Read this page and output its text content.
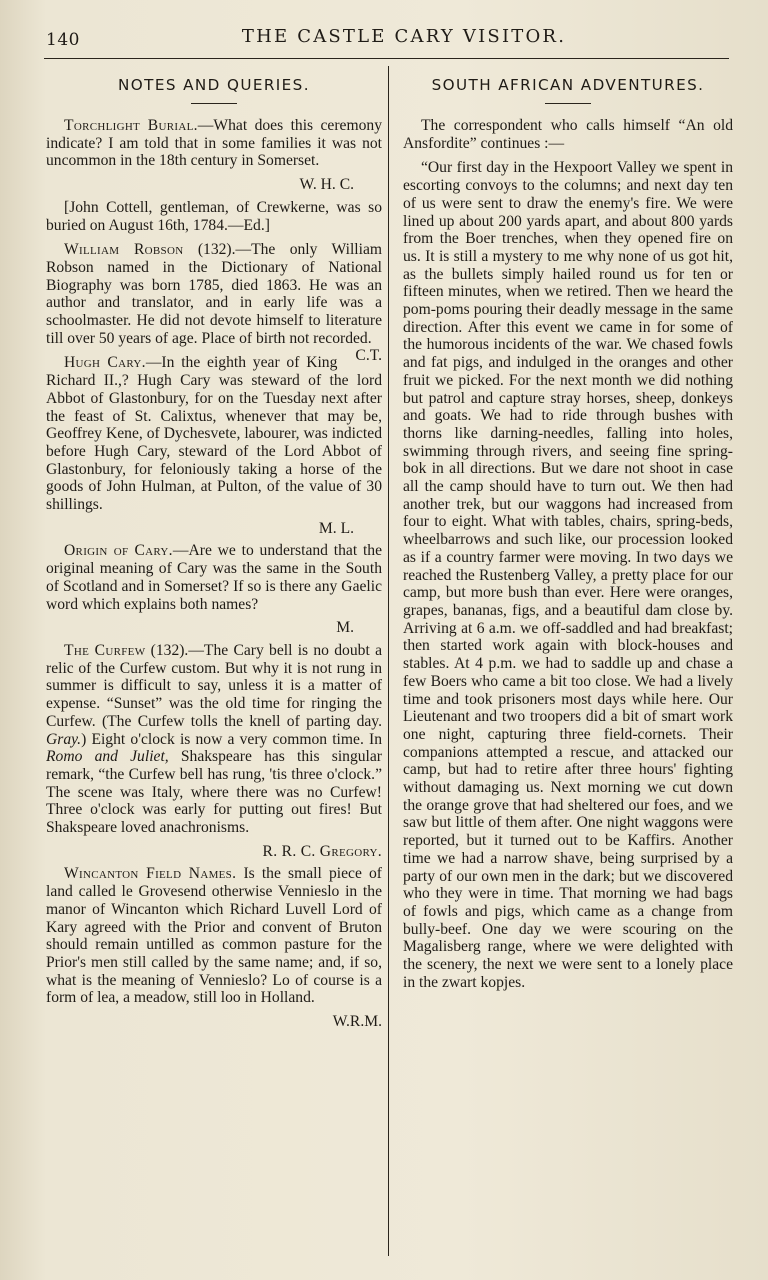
140	THE CASTLE CARY VISITOR.
NOTES AND QUERIES.
Torchlight Burial.—What does this ceremony indicate? I am told that in some families it was not uncommon in the 18th century in Somerset.
W. H. C.
[John Cottell, gentleman, of Crewkerne, was so buried on August 16th, 1784.—Ed.]
William Robson (132).—The only William Robson named in the Dictionary of National Biography was born 1785, died 1863. He was an author and translator, and in early life was a schoolmaster. He did not devote himself to literature till over 50 years of age. Place of birth not recorded.
C.T.
Hugh Cary.—In the eighth year of King Richard II.,? Hugh Cary was steward of the lord Abbot of Glastonbury, for on the Tuesday next after the feast of St. Calixtus, whenever that may be, Geoffrey Kene, of Dychesvete, labourer, was indicted before Hugh Cary, steward of the Lord Abbot of Glastonbury, for feloniously taking a horse of the goods of John Hulman, at Pulton, of the value of 30 shillings.
M. L.
Origin of Cary.—Are we to understand that the original meaning of Cary was the same in the South of Scotland and in Somerset? If so is there any Gaelic word which explains both names?
M.
The Curfew (132).—The Cary bell is no doubt a relic of the Curfew custom. But why it is not rung in summer is difficult to say, unless it is a matter of expense. “Sunset” was the old time for ringing the Curfew. (The Curfew tolls the knell of parting day. Gray.) Eight o'clock is now a very common time. In Romo and Juliet, Shakspeare has this singular remark, “the Curfew bell has rung, 'tis three o'clock.” The scene was Italy, where there was no Curfew! Three o'clock was early for putting out fires! But Shakspeare loved anachronisms.
R. R. C. Gregory.
Wincanton Field Names. Is the small piece of land called le Grovesend otherwise Vennieslo in the manor of Wincanton which Richard Luvell Lord of Kary agreed with the Prior and convent of Bruton should remain untilled as common pasture for the Prior's men still called by the same name; and, if so, what is the meaning of Vennieslo? Lo of course is a form of lea, a meadow, still loo in Holland.
W.R.M.
SOUTH AFRICAN ADVENTURES.
The correspondent who calls himself “An old Ansfordite” continues :—
“Our first day in the Hexpoort Valley we spent in escorting convoys to the columns; and next day ten of us were sent to draw the enemy's fire. We were lined up about 200 yards apart, and about 800 yards from the Boer trenches, when they opened fire on us. It is still a mystery to me why none of us got hit, as the bullets simply hailed round us for ten or fifteen minutes, when we retired. Then we heard the pom-poms pouring their deadly message in the same direction. After this event we came in for some of the humorous incidents of the war. We chased fowls and fat pigs, and indulged in the oranges and other fruit we picked. For the next month we did nothing but patrol and capture stray horses, sheep, donkeys and goats. We had to ride through bushes with thorns like darning-needles, falling into holes, swimming through rivers, and seeing fine spring-bok in all directions. But we dare not shoot in case all the camp should have to turn out. We then had another trek, but our waggons had increased from four to eight. What with tables, chairs, spring-beds, wheelbarrows and such like, our procession looked as if a country farmer were moving. In two days we reached the Rustenberg Valley, a pretty place for our camp, but more bush than ever. Here were oranges, grapes, bananas, figs, and a beautiful dam close by. Arriving at 6 a.m. we off-saddled and had breakfast; then started work again with block-houses and stables. At 4 p.m. we had to saddle up and chase a few Boers who came a bit too close. We had a lively time and took prisoners most days while here. Our Lieutenant and two troopers did a bit of smart work one night, capturing three field-cornets. Their companions attempted a rescue, and attacked our camp, but had to retire after three hours' fighting without damaging us. Next morning we cut down the orange grove that had sheltered our foes, and we saw but little of them after. One night waggons were reported, but it turned out to be Kaffirs. Another time we had a narrow shave, being surprised by a party of our own men in the dark; but we discovered who they were in time. That morning we had bags of fowls and pigs, which came as a change from bully-beef. One day we were scouring on the Magalisberg range, where we were delighted with the scenery, the next we were sent to a lonely place in the zwart kopjes.
